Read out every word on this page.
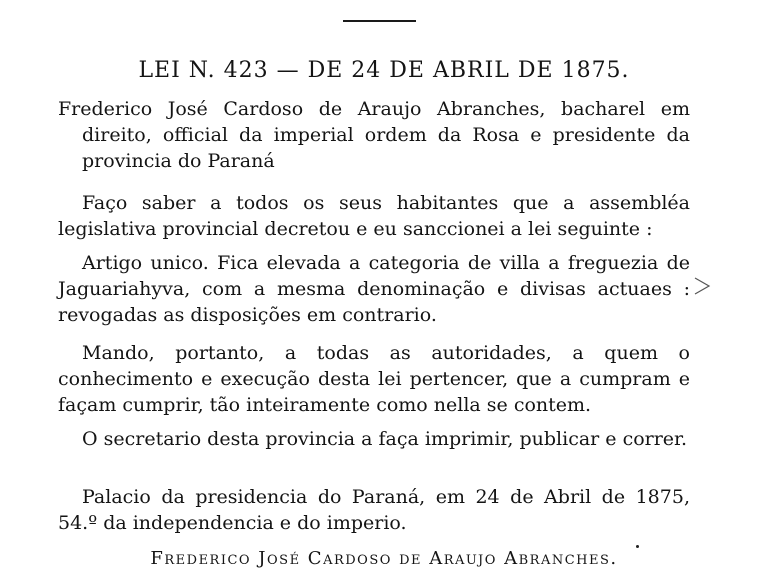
LEI N. 423 — DE 24 DE ABRIL DE 1875.

Frederico José Cardoso de Araujo Abranches, bacharel em direito, official da imperial ordem da Rosa e presidente da provincia do Paraná

Faço saber a todos os seus habitantes que a assembléa legislativa provincial decretou e eu sanccionei a lei seguinte :

Artigo unico. Fica elevada a categoria de villa a freguezia de Jaguariahyva, com a mesma denominação e divisas actuaes : revogadas as disposições em contrario.

Mando, portanto, a todas as autoridades, a quem o conhecimento e execução desta lei pertencer, que a cumpram e façam cumprir, tão inteiramente como nella se contem.

O secretario desta provincia a faça imprimir, publicar e correr.

Palacio da presidencia do Paraná, em 24 de Abril de 1875, 54.º da independencia e do imperio.

Frederico José Cardoso de Araujo Abranches.
